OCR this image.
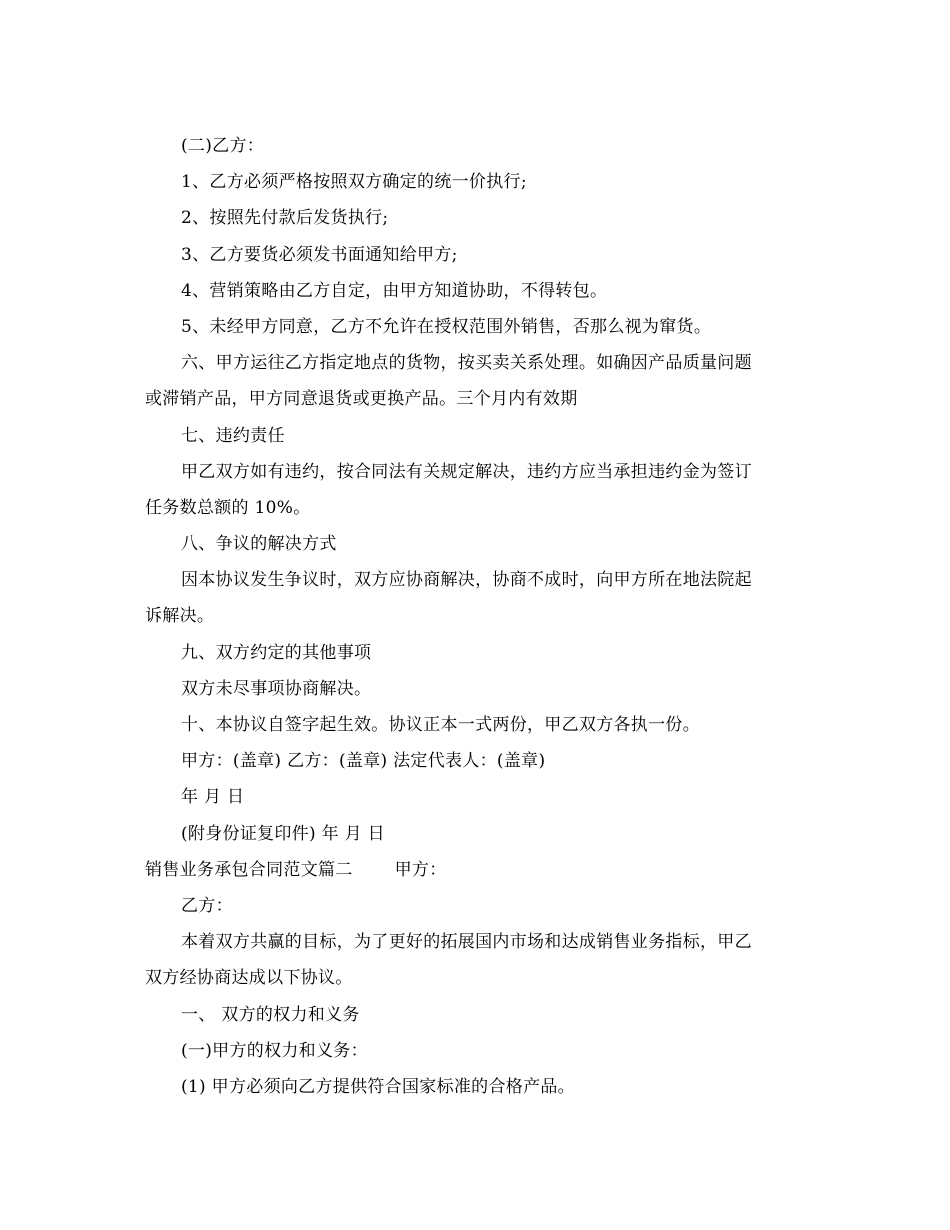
(二)乙方：

1、乙方必须严格按照双方确定的统一价执行;

2、按照先付款后发货执行;

3、乙方要货必须发书面通知给甲方;

4、营销策略由乙方自定，由甲方知道协助，不得转包。

5、未经甲方同意，乙方不允许在授权范围外销售，否那么视为窜货。

六、甲方运往乙方指定地点的货物，按买卖关系处理。如确因产品质量问题

或滞销产品，甲方同意退货或更换产品。三个月内有效期

七、违约责任

甲乙双方如有违约，按合同法有关规定解决，违约方应当承担违约金为签订

任务数总额的 10%。

八、争议的解决方式

因本协议发生争议时，双方应协商解决，协商不成时，向甲方所在地法院起

诉解决。

九、双方约定的其他事项

双方未尽事项协商解决。

十、本协议自签字起生效。协议正本一式两份，甲乙双方各执一份。

甲方：(盖章) 乙方：(盖章) 法定代表人：(盖章)

年 月 日

(附身份证复印件) 年 月 日

销售业务承包合同范文篇二 甲方：

乙方：

本着双方共赢的目标，为了更好的拓展国内市场和达成销售业务指标，甲乙

双方经协商达成以下协议。

一、 双方的权力和义务

(一)甲方的权力和义务：

(1) 甲方必须向乙方提供符合国家标准的合格产品。
